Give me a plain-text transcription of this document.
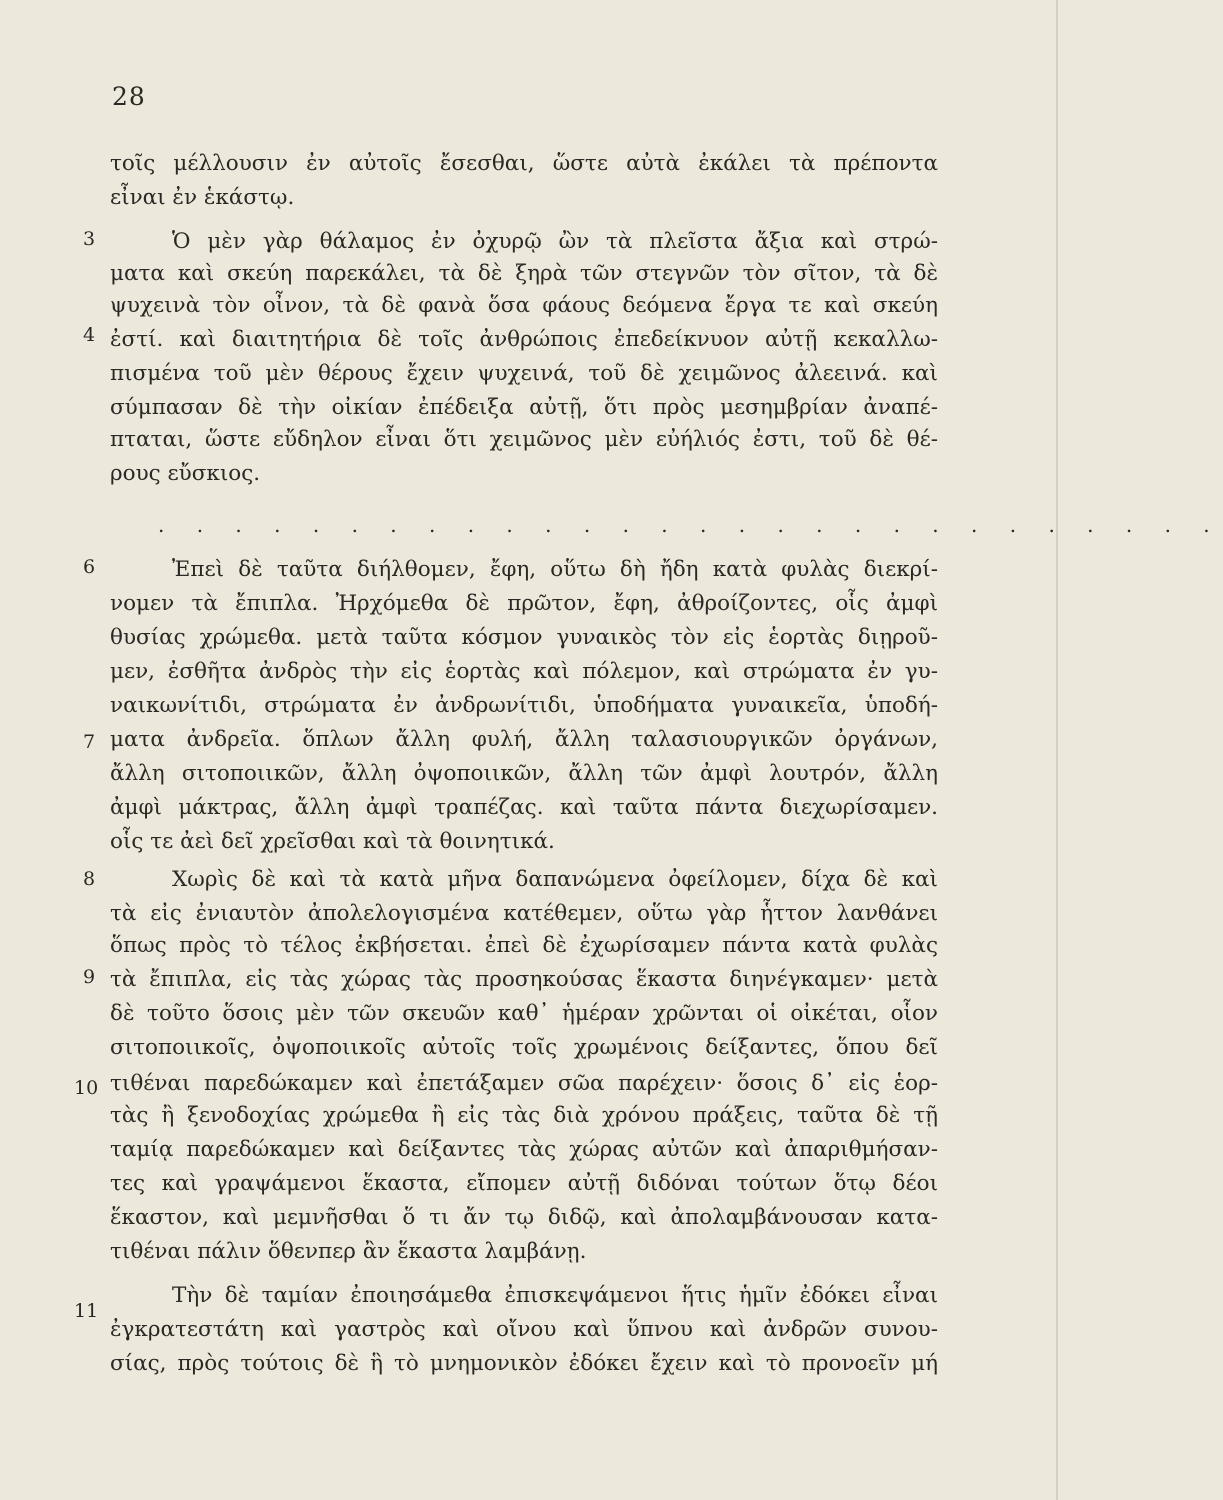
28
3
4
6
7
8
9
10
11
τοῖς μέλλουσιν ἐν αὐτοῖς ἔσεσθαι, ὥστε αὐτὰ ἐκάλει τὰ πρέποντα
εἶναι ἐν ἑκάστῳ.
Ὁ μὲν γὰρ θάλαμος ἐν ὀχυρῷ ὢν τὰ πλεῖστα ἄξια καὶ στρώ-
ματα καὶ σκεύη παρεκάλει, τὰ δὲ ξηρὰ τῶν στεγνῶν τὸν σῖτον, τὰ δὲ
ψυχεινὰ τὸν οἶνον, τὰ δὲ φανὰ ὅσα φάους δεόμενα ἔργα τε καὶ σκεύη
ἐστί. καὶ διαιτητήρια δὲ τοῖς ἀνθρώποις ἐπεδείκνυον αὐτῇ κεκαλλω-
πισμένα τοῦ μὲν θέρους ἔχειν ψυχεινά, τοῦ δὲ χειμῶνος ἀλεεινά. καὶ
σύμπασαν δὲ τὴν οἰκίαν ἐπέδειξα αὐτῇ, ὅτι πρὸς μεσημβρίαν ἀναπέ-
πταται, ὥστε εὔδηλον εἶναι ὅτι χειμῶνος μὲν εὐήλιός ἐστι, τοῦ δὲ θέ-
ρους εὔσκιος.
. . . . . . . . . . . . . . . . . . . . . . . . . . . .
Ἐπεὶ δὲ ταῦτα διήλθομεν, ἔφη, οὕτω δὴ ἤδη κατὰ φυλὰς διεκρί-
νομεν τὰ ἔπιπλα. Ἠρχόμεθα δὲ πρῶτον, ἔφη, ἀθροίζοντες, οἷς ἀμφὶ
θυσίας χρώμεθα. μετὰ ταῦτα κόσμον γυναικὸς τὸν εἰς ἑορτὰς διῃροῦ-
μεν, ἐσθῆτα ἀνδρὸς τὴν εἰς ἑορτὰς καὶ πόλεμον, καὶ στρώματα ἐν γυ-
ναικωνίτιδι, στρώματα ἐν ἀνδρωνίτιδι, ὑποδήματα γυναικεῖα, ὑποδή-
ματα ἀνδρεῖα. ὅπλων ἄλλη φυλή, ἄλλη ταλασιουργικῶν ὀργάνων,
ἄλλη σιτοποιικῶν, ἄλλη ὀψοποιικῶν, ἄλλη τῶν ἀμφὶ λουτρόν, ἄλλη
ἀμφὶ μάκτρας, ἄλλη ἀμφὶ τραπέζας. καὶ ταῦτα πάντα διεχωρίσαμεν.
οἷς τε ἀεὶ δεῖ χρεῖσθαι καὶ τὰ θοινητικά.
Χωρὶς δὲ καὶ τὰ κατὰ μῆνα δαπανώμενα ὀφείλομεν, δίχα δὲ καὶ
τὰ εἰς ἐνιαυτὸν ἀπολελογισμένα κατέθεμεν, οὕτω γὰρ ἧττον λανθάνει
ὅπως πρὸς τὸ τέλος ἐκβήσεται. ἐπεὶ δὲ ἐχωρίσαμεν πάντα κατὰ φυλὰς
τὰ ἔπιπλα, εἰς τὰς χώρας τὰς προσηκούσας ἕκαστα διηνέγκαμεν· μετὰ
δὲ τοῦτο ὅσοις μὲν τῶν σκευῶν καθ᾿ ἡμέραν χρῶνται οἱ οἰκέται, οἷον
σιτοποιικοῖς, ὀψοποιικοῖς αὐτοῖς τοῖς χρωμένοις δείξαντες, ὅπου δεῖ
τιθέναι παρεδώκαμεν καὶ ἐπετάξαμεν σῶα παρέχειν· ὅσοις δ᾿ εἰς ἑορ-
τὰς ἢ ξενοδοχίας χρώμεθα ἢ εἰς τὰς διὰ χρόνου πράξεις, ταῦτα δὲ τῇ
ταμίᾳ παρεδώκαμεν καὶ δείξαντες τὰς χώρας αὐτῶν καὶ ἀπαριθμήσαν-
τες καὶ γραψάμενοι ἕκαστα, εἴπομεν αὐτῇ διδόναι τούτων ὅτῳ δέοι
ἕκαστον, καὶ μεμνῆσθαι ὅ τι ἄν τῳ διδῷ, καὶ ἀπολαμβάνουσαν κατα-
τιθέναι πάλιν ὅθενπερ ἂν ἕκαστα λαμβάνῃ.
Τὴν δὲ ταμίαν ἐποιησάμεθα ἐπισκεψάμενοι ἥτις ἡμῖν ἐδόκει εἶναι
ἐγκρατεστάτη καὶ γαστρὸς καὶ οἴνου καὶ ὕπνου καὶ ἀνδρῶν συνου-
σίας, πρὸς τούτοις δὲ ἣ τὸ μνημονικὸν ἐδόκει ἔχειν καὶ τὸ προνοεῖν μή
